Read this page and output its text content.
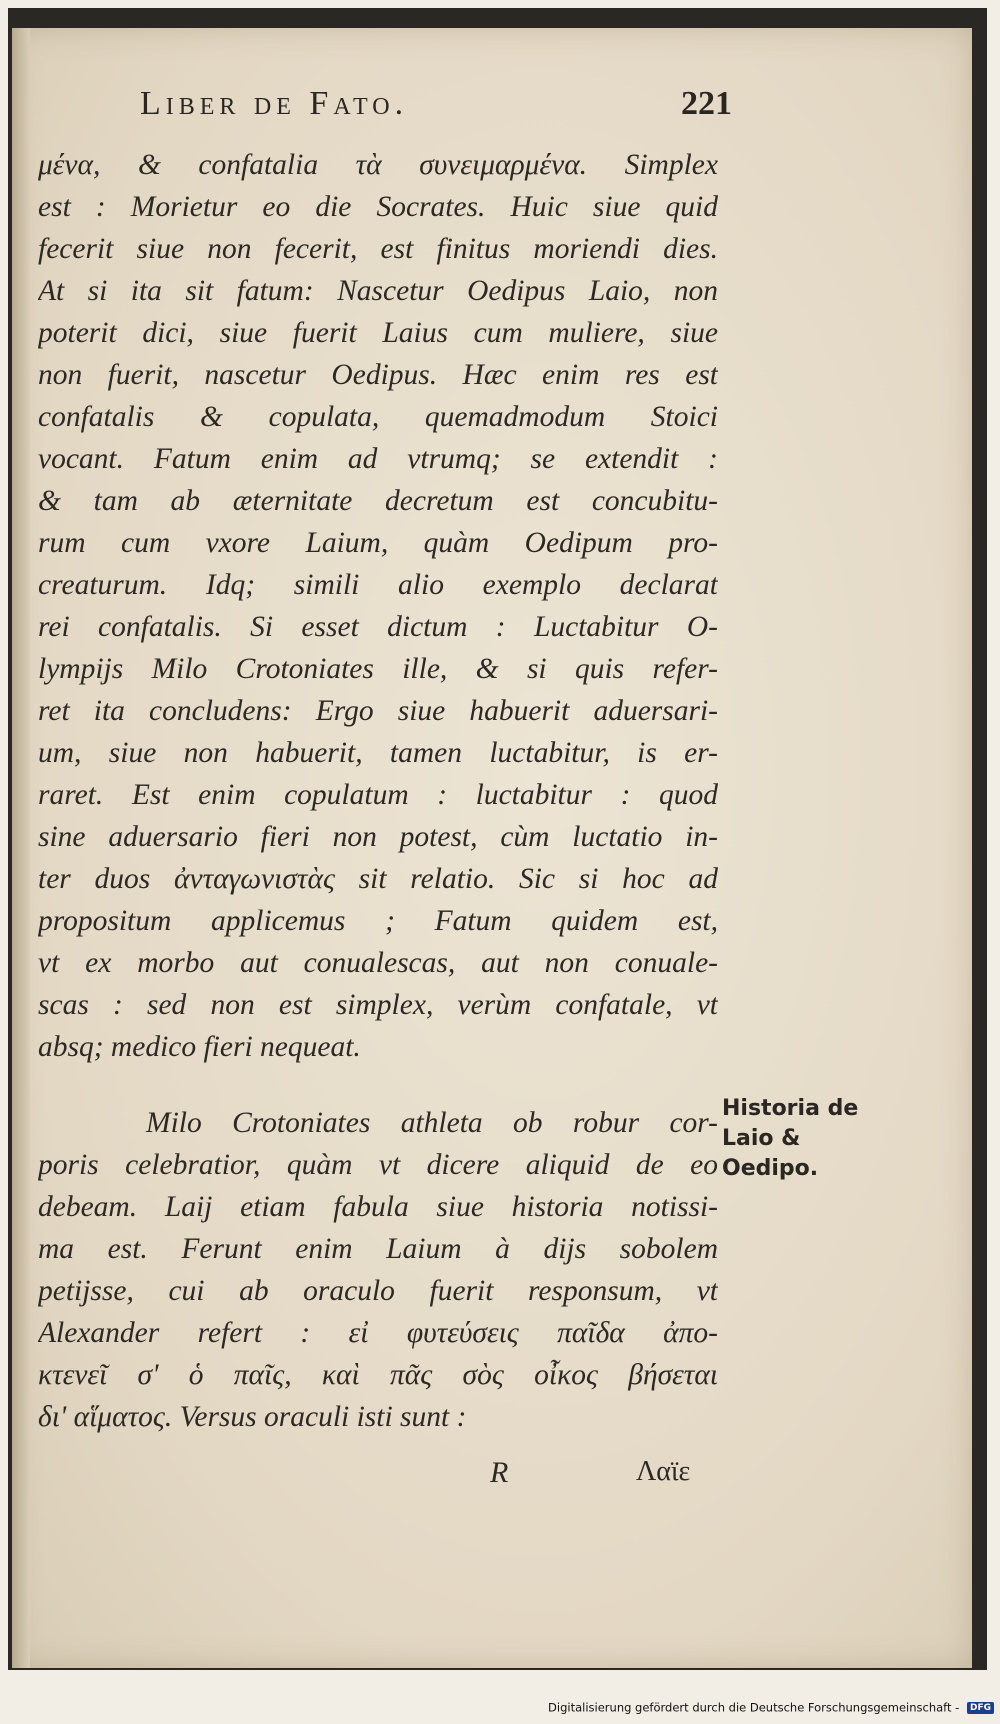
Liber de Fato.	221
μένα, & confatalia τὰ συνειμαρμένα. Simplex
est : Morietur eo die Socrates. Huic siue quid
fecerit siue non fecerit, est finitus moriendi dies.
At si ita sit fatum: Nascetur Oedipus Laio, non
poterit dici, siue fuerit Laius cum muliere, siue
non fuerit, nascetur Oedipus. Hæc enim res est
confatalis & copulata, quemadmodum Stoici
vocant. Fatum enim ad vtrumq; se extendit :
& tam ab æternitate decretum est concubitu-
rum cum vxore Laium, quàm Oedipum pro-
creaturum. Idq; simili alio exemplo declarat
rei confatalis. Si esset dictum : Luctabitur O-
lympijs Milo Crotoniates ille, & si quis refer-
ret ita concludens: Ergo siue habuerit aduersari-
um, siue non habuerit, tamen luctabitur, is er-
raret. Est enim copulatum : luctabitur : quod
sine aduersario fieri non potest, cùm luctatio in-
ter duos ἀνταγωνιστὰς sit relatio. Sic si hoc ad
propositum applicemus ; Fatum quidem est,
vt ex morbo aut conualescas, aut non conuale-
scas : sed non est simplex, verùm confatale, vt
absq; medico fieri nequeat.
Milo Crotoniates athleta ob robur cor-
poris celebratior, quàm vt dicere aliquid de eo
debeam. Laij etiam fabula siue historia notissi-
ma est. Ferunt enim Laium à dijs sobolem
petijsse, cui ab oraculo fuerit responsum, vt
Alexander refert : εἰ φυτεύσεις παῖδα ἀπο-
κτενεῖ σ' ὁ παῖς, καὶ πᾶς σὸς οἶκος βήσεται
δι' αἵματος. Versus oraculi isti sunt :
Historia de
Laio &
Oedipo.
R	Λαϊε
Digitalisierung gefördert durch die Deutsche Forschungsgemeinschaft - DFG
